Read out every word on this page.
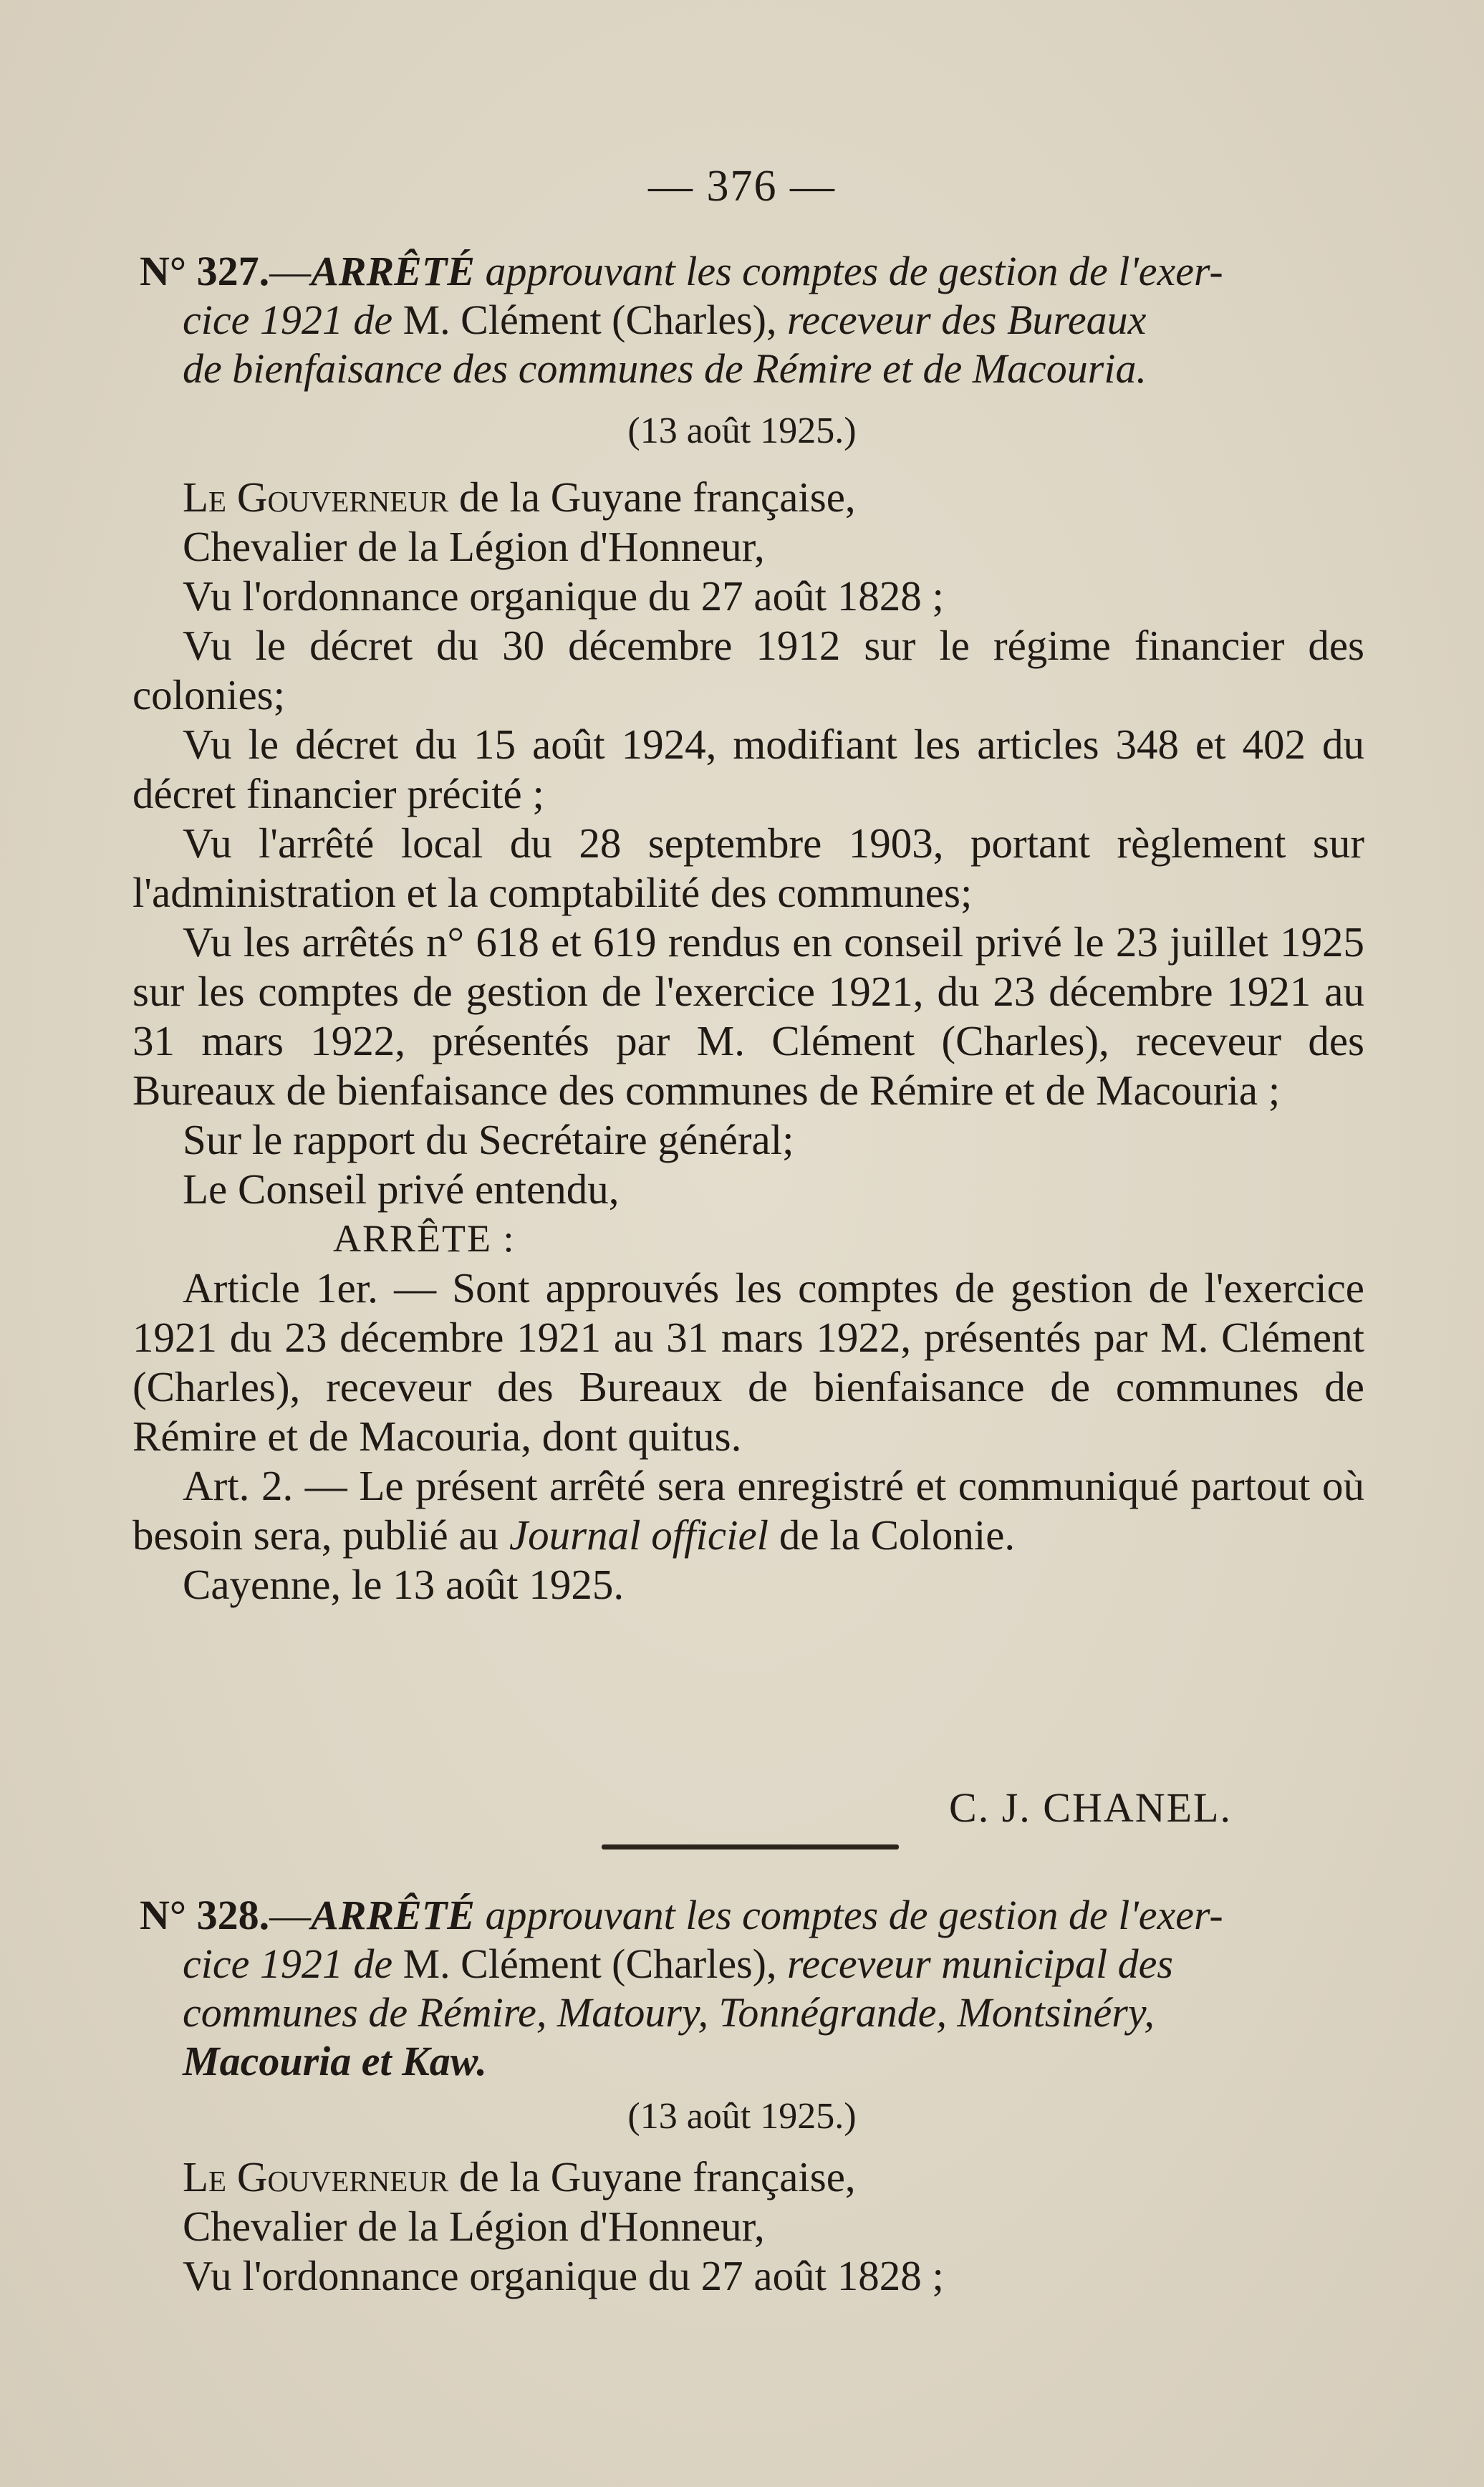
— 376 —
N° 327.—ARRÊTÉ approuvant les comptes de gestion de l'exer-
cice 1921 de M. Clément (Charles), receveur des Bureaux
de bienfaisance des communes de Rémire et de Macouria.
(13 août 1925.)

Le Gouverneur de la Guyane française,

Chevalier de la Légion d'Honneur,

Vu l'ordonnance organique du 27 août 1828 ;

Vu le décret du 30 décembre 1912 sur le régime financier des colonies;

Vu le décret du 15 août 1924, modifiant les articles 348 et 402 du décret financier précité ;

Vu l'arrêté local du 28 septembre 1903, portant règlement sur l'administration et la comptabilité des communes;

Vu les arrêtés n° 618 et 619 rendus en conseil privé le 23 juillet 1925 sur les comptes de gestion de l'exercice 1921, du 23 décembre 1921 au 31 mars 1922, présentés par M. Clément (Charles), receveur des Bureaux de bienfaisance des communes de Rémire et de Macouria ;

Sur le rapport du Secrétaire général;

Le Conseil privé entendu,

ARRÊTE :

Article 1er. — Sont approuvés les comptes de gestion de l'exercice 1921 du 23 décembre 1921 au 31 mars 1922, présentés par M. Clément (Charles), receveur des Bureaux de bienfaisance de communes de Rémire et de Macouria, dont quitus.

Art. 2. — Le présent arrêté sera enregistré et communiqué partout où besoin sera, publié au Journal officiel de la Colonie.

Cayenne, le 13 août 1925.

C. J. CHANEL.
N° 328.—ARRÊTÉ approuvant les comptes de gestion de l'exer-
cice 1921 de M. Clément (Charles), receveur municipal des
communes de Rémire, Matoury, Tonnégrande, Montsinéry,
Macouria et Kaw.
(13 août 1925.)

Le Gouverneur de la Guyane française,

Chevalier de la Légion d'Honneur,

Vu l'ordonnance organique du 27 août 1828 ;
